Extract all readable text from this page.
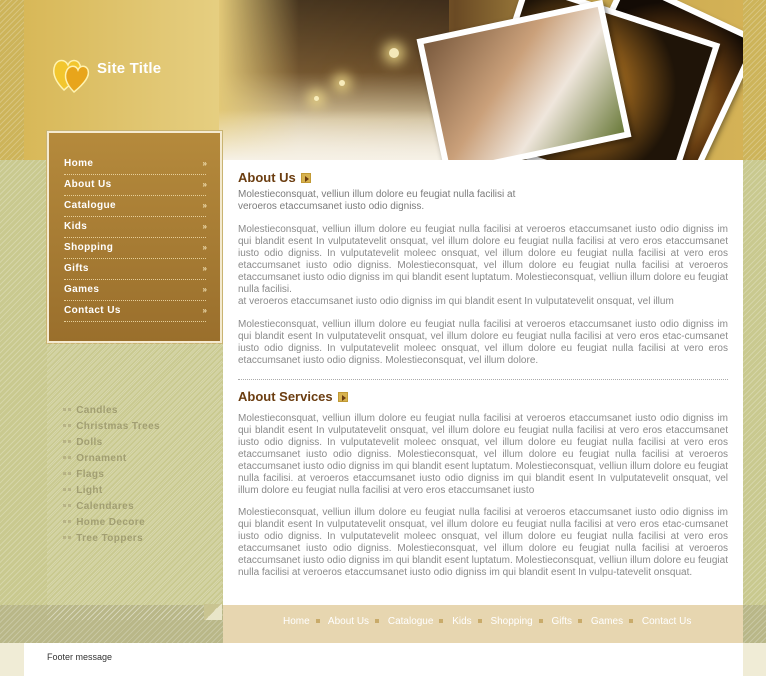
Site Title
About Us
Molestieconsquat, velliun illum dolore eu feugiat nulla facilisi at veroeros etaccumsanet iusto odio digniss.
Molestieconsquat, velliun illum dolore eu feugiat nulla facilisi at veroeros etaccumsanet iusto odio digniss im qui blandit esent In vulputatevelit onsquat, vel illum dolore eu feugiat nulla facilisi at vero eros etaccumsanet iusto odio digniss. In vulputatevelit moleec onsquat, vel illum dolore eu feugiat nulla facilisi at vero eros etaccumsanet iusto odio digniss. Molestieconsquat, vel illum dolore eu feugiat nulla facilisi at veroeros etaccumsanet iusto odio digniss im qui blandit esent luptatum. Molestieconsquat, velliun illum dolore eu feugiat nulla facilisi.
at veroeros etaccumsanet iusto odio digniss im qui blandit esent In vulputatevelit onsquat, vel illum
Molestieconsquat, velliun illum dolore eu feugiat nulla facilisi at veroeros etaccumsanet iusto odio digniss im qui blandit esent In vulputatevelit onsquat, vel illum dolore eu feugiat nulla facilisi at vero eros etac-cumsanet iusto odio digniss. In vulputatevelit moleec onsquat, vel illum dolore eu feugiat nulla facilisi at vero eros etaccumsanet iusto odio digniss. Molestieconsquat, vel illum dolore.
About Services
Molestieconsquat, velliun illum dolore eu feugiat nulla facilisi at veroeros etaccumsanet iusto odio digniss im qui blandit esent In vulputatevelit onsquat, vel illum dolore eu feugiat nulla facilisi at vero eros etaccumsanet iusto odio digniss. In vulputatevelit moleec onsquat, vel illum dolore eu feugiat nulla facilisi at vero eros etaccumsanet iusto odio digniss. Molestieconsquat, vel illum dolore eu feugiat nulla facilisi at veroeros etaccumsanet iusto odio digniss im qui blandit esent luptatum. Molestieconsquat, velliun illum dolore eu feugiat nulla facilisi. at veroeros etaccumsanet iusto odio digniss im qui blandit esent In vulputatevelit onsquat, vel illum dolore eu feugiat nulla facilisi at vero eros etaccumsanet iusto
Molestieconsquat, velliun illum dolore eu feugiat nulla facilisi at veroeros etaccumsanet iusto odio digniss im qui blandit esent In vulputatevelit onsquat, vel illum dolore eu feugiat nulla facilisi at vero eros etac-cumsanet iusto odio digniss. In vulputatevelit moleec onsquat, vel illum dolore eu feugiat nulla facilisi at vero eros etaccumsanet iusto odio digniss. Molestieconsquat, vel illum dolore eu feugiat nulla facilisi at veroeros etaccumsanet iusto odio digniss im qui blandit esent luptatum. Molestieconsquat, velliun illum dolore eu feugiat nulla facilisi at veroeros etaccumsanet iusto odio digniss im qui blandit esent In vulpu-tatevelit onsquat.
Home	»
About Us	»
Catalogue	»
Kids	»
Shopping	»
Gifts	»
Games	»
Contact Us	»
Candles
Christmas Trees
Dolls
Ornament
Flags
Light
Calendares
Home Decore
Tree Toppers
Home About Us Catalogue Kids Shopping Gifts Games Contact Us
Footer message
